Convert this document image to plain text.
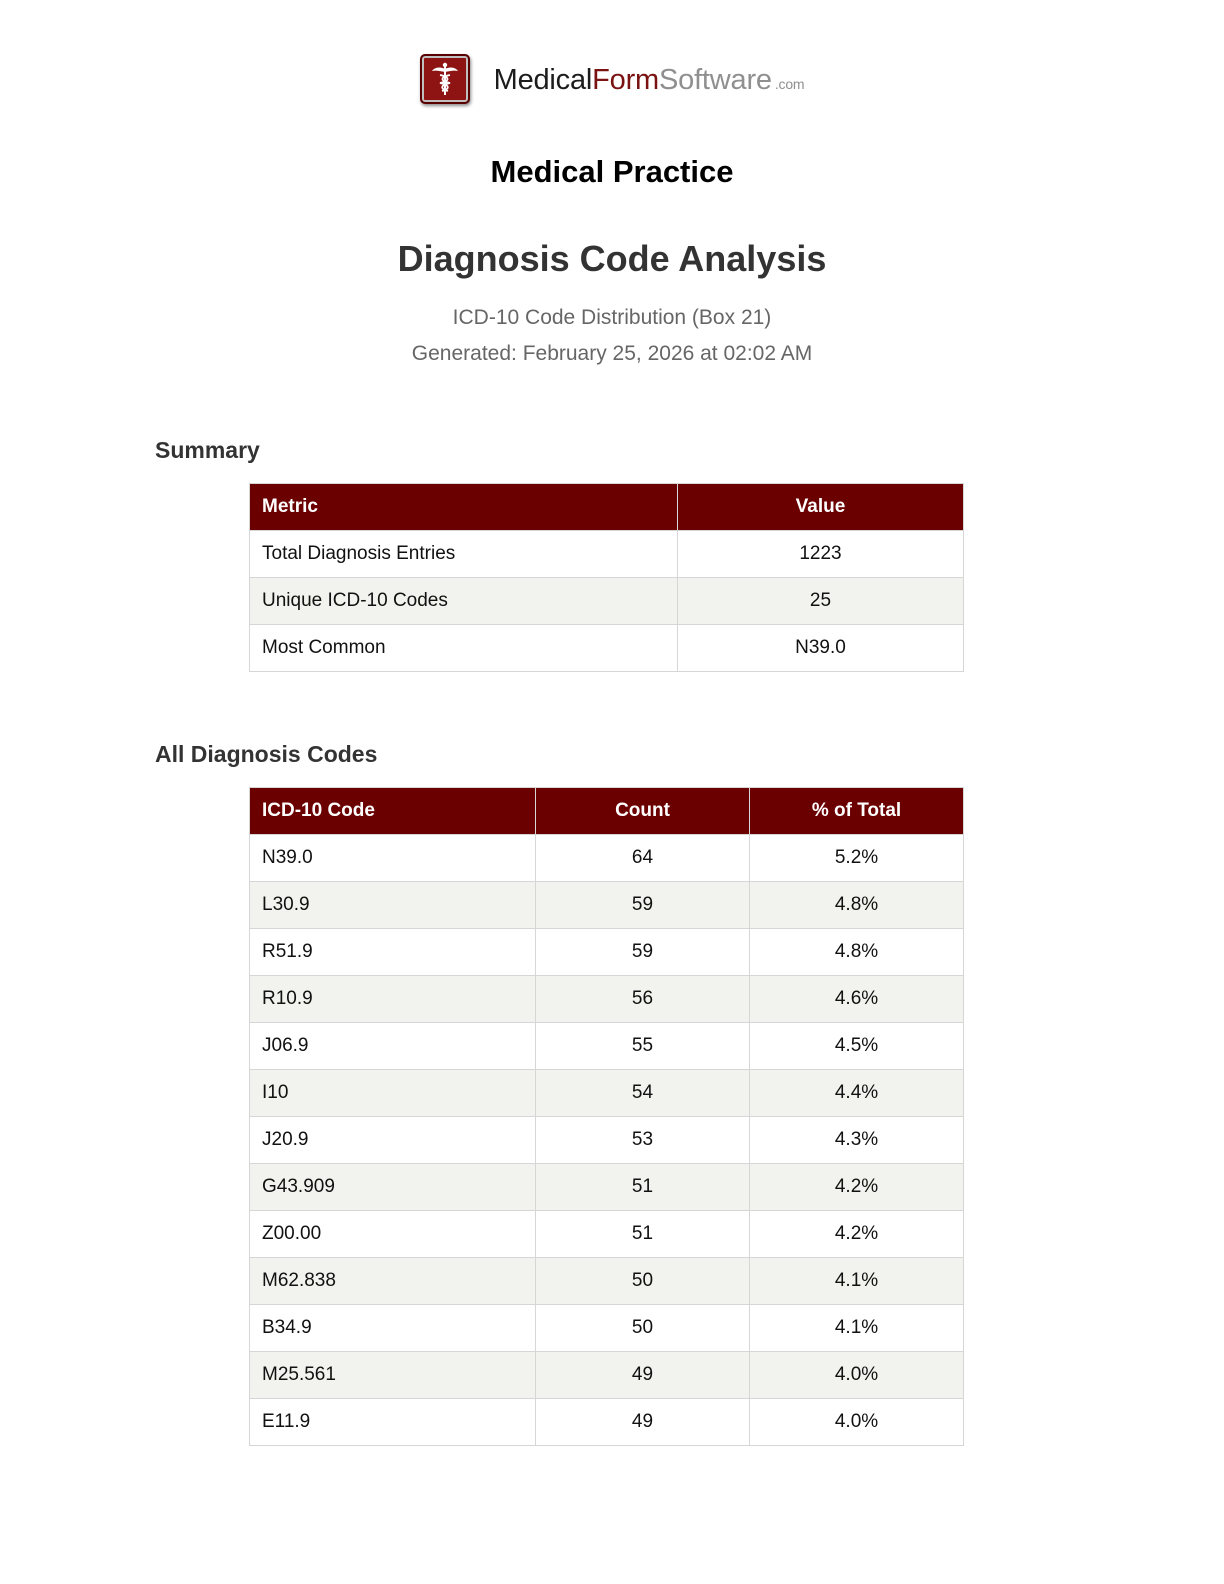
MedicalFormSoftware .com
Medical Practice
Diagnosis Code Analysis
ICD-10 Code Distribution (Box 21)
Generated: February 25, 2026 at 02:02 AM
Summary
Metric	Value
Total Diagnosis Entries	1223
Unique ICD-10 Codes	25
Most Common	N39.0
All Diagnosis Codes
ICD-10 Code	Count	% of Total
N39.0	64	5.2%
L30.9	59	4.8%
R51.9	59	4.8%
R10.9	56	4.6%
J06.9	55	4.5%
I10	54	4.4%
J20.9	53	4.3%
G43.909	51	4.2%
Z00.00	51	4.2%
M62.838	50	4.1%
B34.9	50	4.1%
M25.561	49	4.0%
E11.9	49	4.0%
